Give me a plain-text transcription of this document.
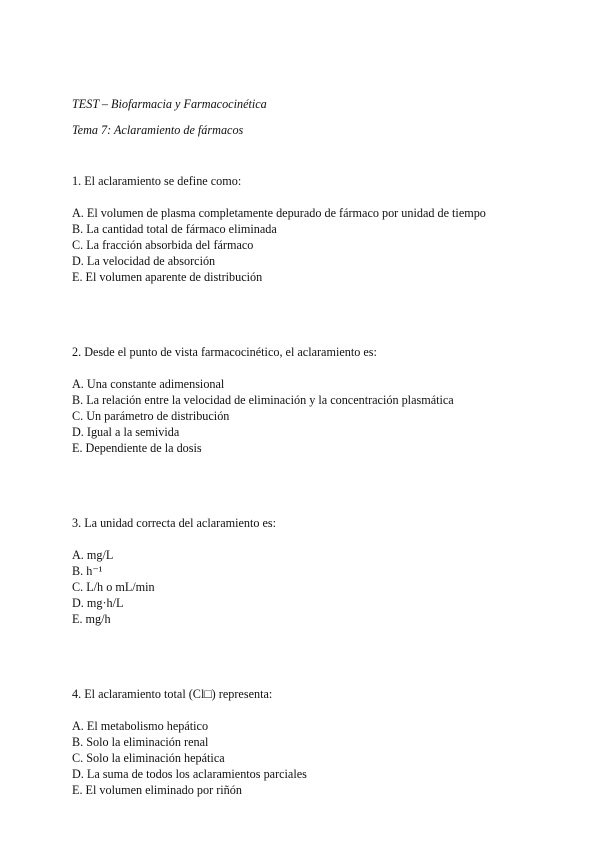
TEST – Biofarmacia y Farmacocinética

Tema 7: Aclaramiento de fármacos

1. El aclaramiento se define como:

A. El volumen de plasma completamente depurado de fármaco por unidad de tiempo
B. La cantidad total de fármaco eliminada
C. La fracción absorbida del fármaco
D. La velocidad de absorción
E. El volumen aparente de distribución

2. Desde el punto de vista farmacocinético, el aclaramiento es:

A. Una constante adimensional
B. La relación entre la velocidad de eliminación y la concentración plasmática
C. Un parámetro de distribución
D. Igual a la semivida
E. Dependiente de la dosis

3. La unidad correcta del aclaramiento es:

A. mg/L
B. h⁻¹
C. L/h o mL/min
D. mg·h/L
E. mg/h

4. El aclaramiento total (Cl□) representa:

A. El metabolismo hepático
B. Solo la eliminación renal
C. Solo la eliminación hepática
D. La suma de todos los aclaramientos parciales
E. El volumen eliminado por riñón
